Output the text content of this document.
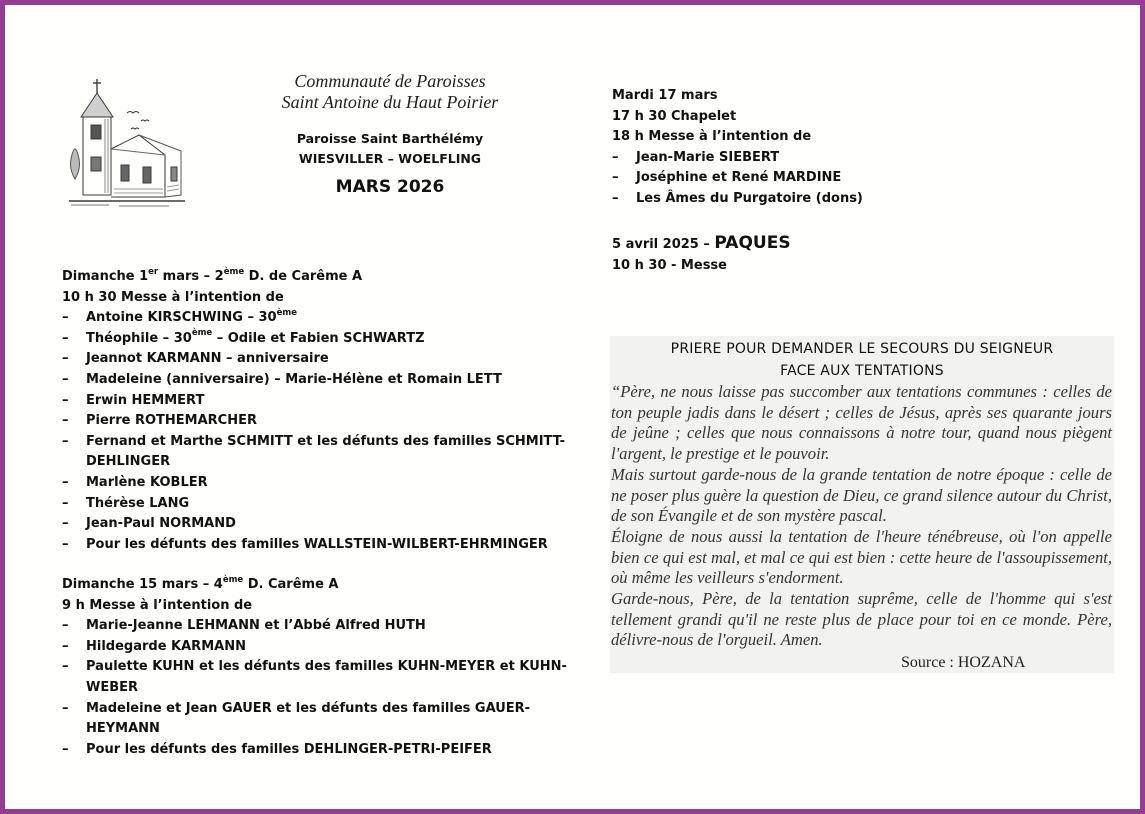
Communauté de Paroisses
Saint Antoine du Haut Poirier
Paroisse Saint Barthélémy
WIESVILLER – WOELFLING
MARS 2026
Dimanche 1er mars – 2ème D. de Carême A
10 h 30 Messe à l’intention de
– Antoine KIRSCHWING – 30ème
– Théophile – 30ème – Odile et Fabien SCHWARTZ
– Jeannot KARMANN – anniversaire
– Madeleine (anniversaire) – Marie-Hélène et Romain LETT
– Erwin HEMMERT
– Pierre ROTHEMARCHER
– Fernand et Marthe SCHMITT et les défunts des familles SCHMITT-
DEHLINGER
– Marlène KOBLER
– Thérèse LANG
– Jean-Paul NORMAND
– Pour les défunts des familles WALLSTEIN-WILBERT-EHRMINGER
Dimanche 15 mars – 4ème D. Carême A
9 h Messe à l’intention de
– Marie-Jeanne LEHMANN et l’Abbé Alfred HUTH
– Hildegarde KARMANN
– Paulette KUHN et les défunts des familles KUHN-MEYER et KUHN-
WEBER
– Madeleine et Jean GAUER et les défunts des familles GAUER-
HEYMANN
– Pour les défunts des familles DEHLINGER-PETRI-PEIFER
Mardi 17 mars
17 h 30 Chapelet
18 h Messe à l’intention de
– Jean-Marie SIEBERT
– Joséphine et René MARDINE
– Les Âmes du Purgatoire (dons)
5 avril 2025 – PAQUES
10 h 30 - Messe
PRIERE POUR DEMANDER LE SECOURS DU SEIGNEUR
FACE AUX TENTATIONS

“Père, ne nous laisse pas succomber aux tentations communes : celles de ton peuple jadis dans le désert ; celles de Jésus, après ses quarante jours de jeûne ; celles que nous connaissons à notre tour, quand nous piègent l'argent, le prestige et le pouvoir.

Mais surtout garde-nous de la grande tentation de notre époque : celle de ne poser plus guère la question de Dieu, ce grand silence autour du Christ, de son Évangile et de son mystère pascal.

Éloigne de nous aussi la tentation de l'heure ténébreuse, où l'on appelle bien ce qui est mal, et mal ce qui est bien : cette heure de l'assoupissement, où même les veilleurs s'endorment.

Garde-nous, Père, de la tentation suprême, celle de l'homme qui s'est tellement grandi qu'il ne reste plus de place pour toi en ce monde. Père, délivre-nous de l'orgueil. Amen.

Source : HOZANA
